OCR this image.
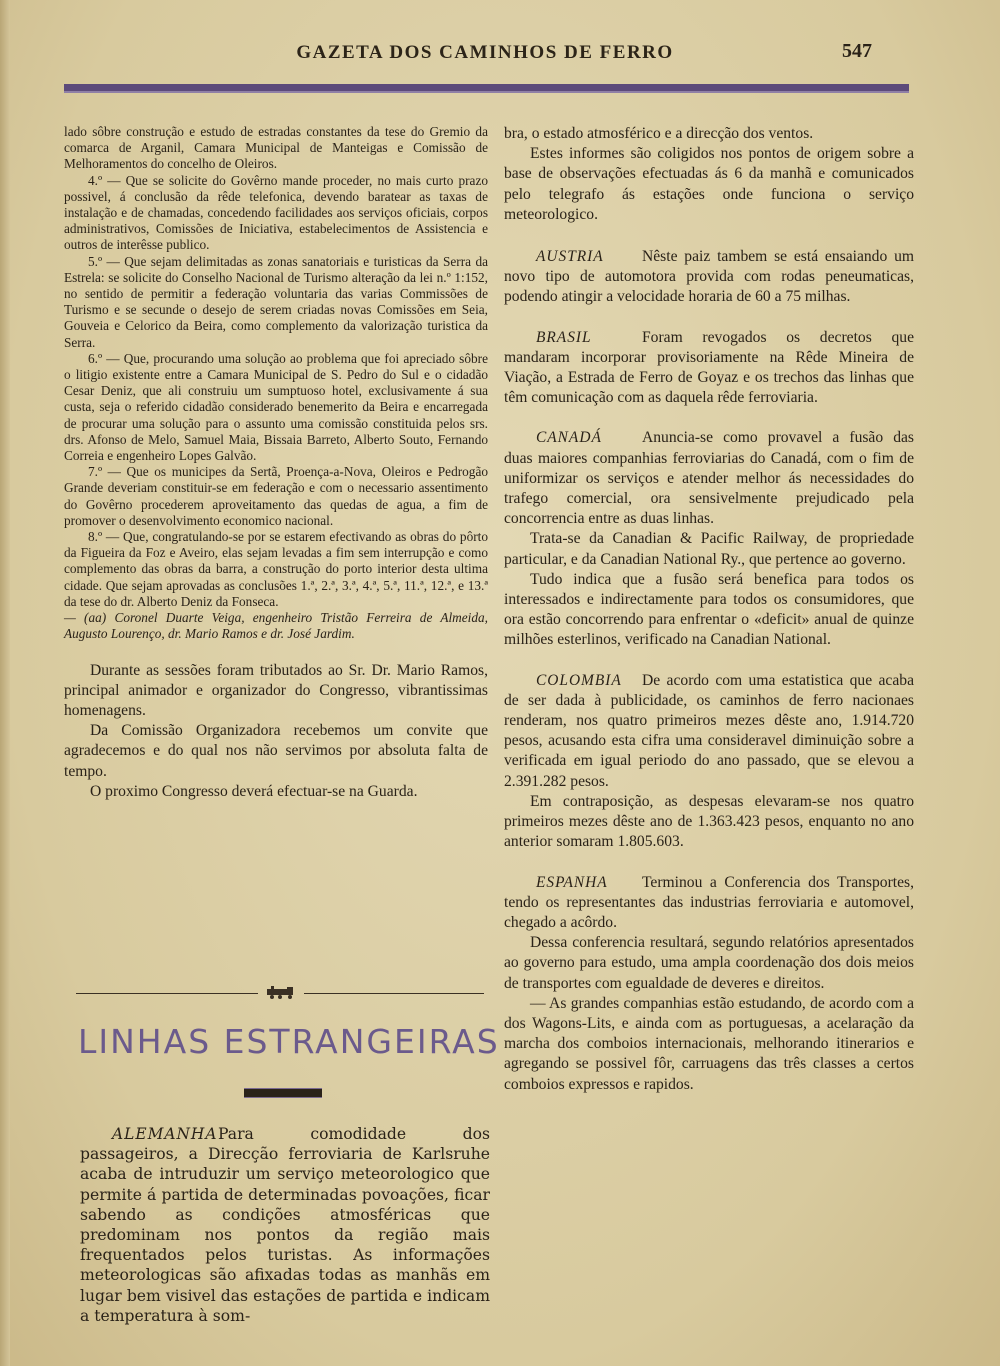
GAZETA DOS CAMINHOS DE FERRO	547

lado sôbre construção e estudo de estradas constantes da tese do Gremio da comarca de Arganil, Camara Municipal de Manteigas e Comissão de Melhoramentos do concelho de Oleiros.

4.º — Que se solicite do Govêrno mande proceder, no mais curto prazo possivel, á conclusão da rêde telefonica, devendo baratear as taxas de instalação e de chamadas, concedendo facilidades aos serviços oficiais, corpos administrativos, Comissões de Iniciativa, estabelecimentos de Assistencia e outros de interêsse publico.

5.º — Que sejam delimitadas as zonas sanatoriais e turisticas da Serra da Estrela: se solicite do Conselho Nacional de Turismo alteração da lei n.º 1:152, no sentido de permitir a federação voluntaria das varias Commissões de Turismo e se secunde o desejo de serem criadas novas Comissões em Seia, Gouveia e Celorico da Beira, como complemento da valorização turistica da Serra.

6.º — Que, procurando uma solução ao problema que foi apreciado sôbre o litigio existente entre a Camara Municipal de S. Pedro do Sul e o cidadão Cesar Deniz, que ali construiu um sumptuoso hotel, exclusivamente á sua custa, seja o referido cidadão considerado benemerito da Beira e encarregada de procurar uma solução para o assunto uma comissão constituida pelos srs. drs. Afonso de Melo, Samuel Maia, Bissaia Barreto, Alberto Souto, Fernando Correia e engenheiro Lopes Galvão.

7.º — Que os municipes da Sertã, Proença-a-Nova, Oleiros e Pedrogão Grande deveriam constituir-se em federação e com o necessario assentimento do Govêrno procederem aproveitamento das quedas de agua, a fim de promover o desenvolvimento economico nacional.

8.º — Que, congratulando-se por se estarem efectivando as obras do pôrto da Figueira da Foz e Aveiro, elas sejam levadas a fim sem interrupção e como complemento das obras da barra, a construção do porto interior desta ultima cidade. Que sejam aprovadas as conclusões 1.ª, 2.ª, 3.ª, 4.ª, 5.ª, 11.ª, 12.ª, e 13.ª da tese do dr. Alberto Deniz da Fonseca.

— (aa) Coronel Duarte Veiga, engenheiro Tristão Ferreira de Almeida, Augusto Lourenço, dr. Mario Ramos e dr. José Jardim.

Durante as sessões foram tributados ao Sr. Dr. Mario Ramos, principal animador e organizador do Congresso, vibrantissimas homenagens.

Da Comissão Organizadora recebemos um convite que agradecemos e do qual nos não servimos por absoluta falta de tempo.

O proximo Congresso deverá efectuar-se na Guarda.

LINHAS ESTRANGEIRAS

ALEMANHAPara comodidade dos passageiros, a Direcção ferroviaria de Karlsruhe acaba de intruduzir um serviço meteorologico que permite á partida de determinadas povoações, ficar sabendo as condições atmosféricas que predominam nos pontos da região mais frequentados pelos turistas. As informações meteorologicas são afixadas todas as manhãs em lugar bem visivel das estações de partida e indicam a temperatura à som-

bra, o estado atmosférico e a direcção dos ventos.

Estes informes são coligidos nos pontos de origem sobre a base de observações efectuadas ás 6 da manhã e comunicados pelo telegrafo ás estações onde funciona o serviço meteorologico.

AUSTRIA Nêste paiz tambem se está ensaiando um novo tipo de automotora provida com rodas peneumaticas, podendo atingir a velocidade horaria de 60 a 75 milhas.

BRASIL	Foram revogados os decretos que mandaram incorporar provisoriamente na Rêde Mineira de Viação, a Estrada de Ferro de Goyaz e os trechos das linhas que têm comunicação com as daquela rêde ferroviaria.

CANADÁ	Anuncia-se como provavel a fusão das duas maiores companhias ferroviarias do Canadá, com o fim de uniformizar os serviços e atender melhor ás necessidades do trafego comercial, ora sensivelmente prejudicado pela concorrencia entre as duas linhas.

Trata-se da Canadian & Pacific Railway, de propriedade particular, e da Canadian National Ry., que pertence ao governo.

Tudo indica que a fusão será benefica para todos os interessados e indirectamente para todos os consumidores, que ora estão concorrendo para enfrentar o «deficit» anual de quinze milhões esterlinos, verificado na Canadian National.

COLOMBIA De acordo com uma estatistica que acaba de ser dada à publicidade, os caminhos de ferro nacionaes renderam, nos quatro primeiros mezes dêste ano, 1.914.720 pesos, acusando esta cifra uma consideravel diminuição sobre a verificada em igual periodo do ano passado, que se elevou a 2.391.282 pesos.

Em contraposição, as despesas elevaram-se nos quatro primeiros mezes dêste ano de 1.363.423 pesos, enquanto no ano anterior somaram 1.805.603.

ESPANHA Terminou a Conferencia dos Transportes, tendo os representantes das industrias ferroviaria e automovel, chegado a acôrdo.

Dessa conferencia resultará, segundo relatórios apresentados ao governo para estudo, uma ampla coordenação dos dois meios de transportes com egualdade de deveres e direitos.

— As grandes companhias estão estudando, de acordo com a dos Wagons-Lits, e ainda com as portuguesas, a acelaração da marcha dos comboios internacionais, melhorando itinerarios e agregando se possivel fôr, carruagens das três classes a certos comboios expressos e rapidos.
